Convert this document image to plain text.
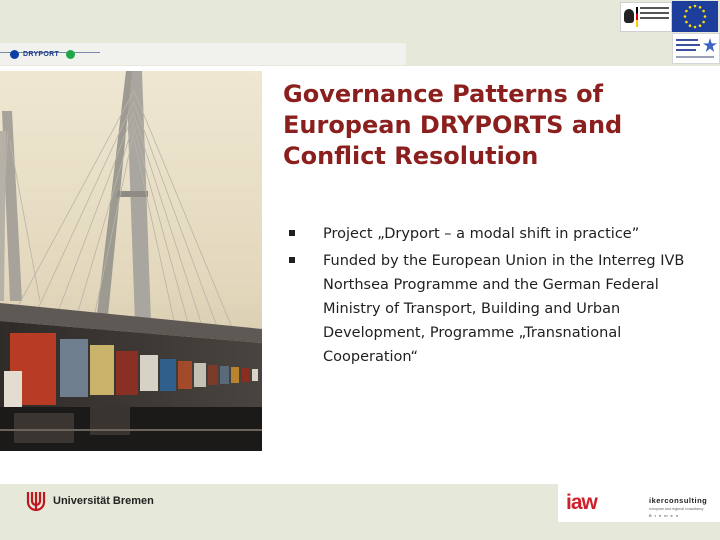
DRYPORT
Governance Patterns of European DRYPORTS and Conflict Resolution
Project „Dryport – a modal shift in practice”
Funded by the European Union in the Interreg IVB Northsea Programme and the German Federal Ministry of Transport, Building and Urban Development, Programme „Transnational Cooperation“
Universität Bremen	iaw	ikerconsulting
european and regional consultancy
Bremen
